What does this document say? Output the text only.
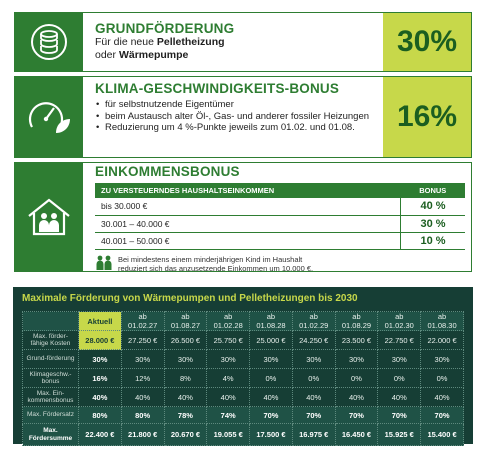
GRUNDFÖRDERUNG
Für die neue Pelletheizung
oder Wärmepumpe	30%
KLIMA-GESCHWINDIGKEITS-BONUS
• für selbstnutzende Eigentümer
• beim Austausch alter Öl-, Gas- und anderer fossiler Heizungen
• Reduzierung um 4 %-Punkte jeweils zum 01.02. und 01.08.	16%
EINKOMMENSBONUS
ZU VERSTEUERNDES HAUSHALTSEINKOMMEN	BONUS
bis 30.000 €	40 %
30.001 – 40.000 €	30 %
40.001 – 50.000 €	10 %
Bei mindestens einem minderjährigen Kind im Haushalt
reduziert sich das anzusetzende Einkommen um 10.000 €.
Maximale Förderung von Wärmepumpen und Pelletheizungen bis 2030
	Aktuell	ab 01.02.27	ab 01.08.27	ab 01.02.28	ab 01.08.28	ab 01.02.29	ab 01.08.29	ab 01.02.30	ab 01.08.30
Max. förder-fähige Kosten	28.000 €	27.250 €	26.500 €	25.750 €	25.000 €	24.250 €	23.500 €	22.750 €	22.000 €
Grund-förderung	30%	30%	30%	30%	30%	30%	30%	30%	30%
Klimageschw.-bonus	16%	12%	8%	4%	0%	0%	0%	0%	0%
Max. Ein-kommensbonus	40%	40%	40%	40%	40%	40%	40%	40%	40%
Max. Fördersatz	80%	80%	78%	74%	70%	70%	70%	70%	70%
Max. Fördersumme	22.400 €	21.800 €	20.670 €	19.055 €	17.500 €	16.975 €	16.450 €	15.925 €	15.400 €
